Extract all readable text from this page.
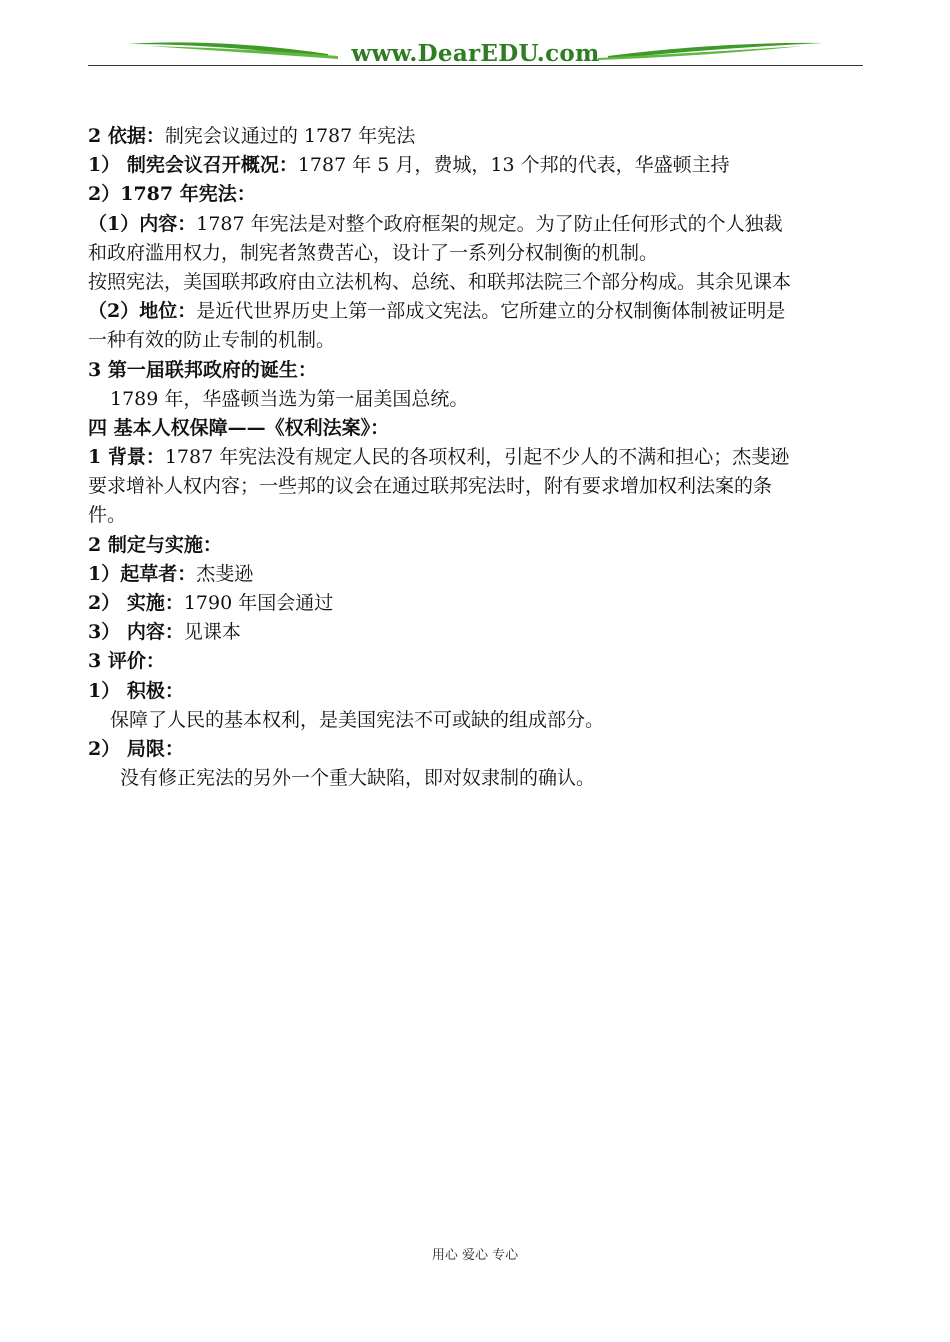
www.DearEDU.com
2 依据：制宪会议通过的 1787 年宪法
1） 制宪会议召开概况：1787 年 5 月，费城，13 个邦的代表，华盛顿主持
2）1787 年宪法：
（1）内容：1787 年宪法是对整个政府框架的规定。为了防止任何形式的个人独裁
和政府滥用权力，制宪者煞费苦心，设计了一系列分权制衡的机制。
按照宪法，美国联邦政府由立法机构、总统、和联邦法院三个部分构成。其余见课本
（2）地位：是近代世界历史上第一部成文宪法。它所建立的分权制衡体制被证明是
一种有效的防止专制的机制。
3 第一届联邦政府的诞生：
1789 年，华盛顿当选为第一届美国总统。
四 基本人权保障——《权利法案》：
1 背景：1787 年宪法没有规定人民的各项权利，引起不少人的不满和担心；杰斐逊
要求增补人权内容；一些邦的议会在通过联邦宪法时，附有要求增加权利法案的条
件。
2 制定与实施：
1）起草者：杰斐逊
2） 实施：1790 年国会通过
3） 内容：见课本
3 评价：
1） 积极：
保障了人民的基本权利，是美国宪法不可或缺的组成部分。
2） 局限：
没有修正宪法的另外一个重大缺陷，即对奴隶制的确认。
用心 爱心 专心
